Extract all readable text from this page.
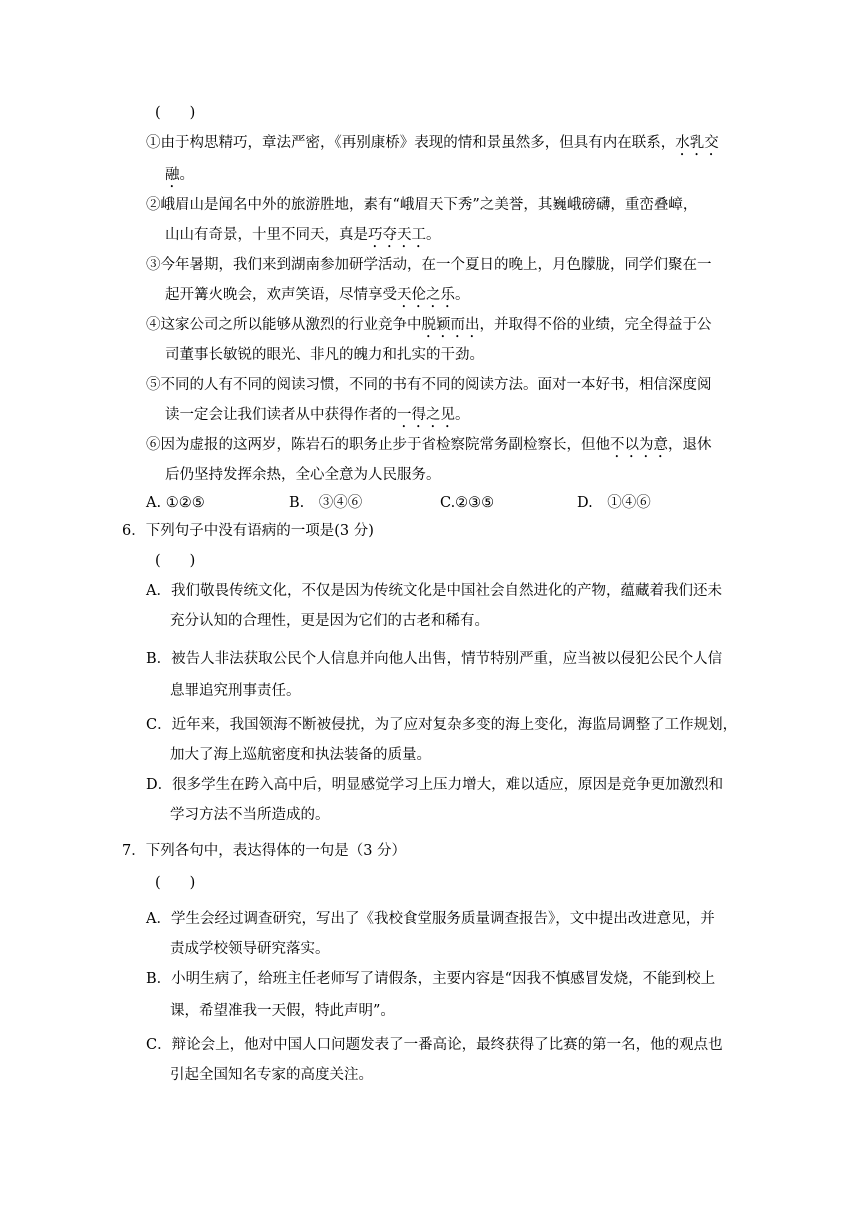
(　　)
①由于构思精巧，章法严密，《再别康桥》表现的情和景虽然多，但具有内在联系，水乳交
融。
②峨眉山是闻名中外的旅游胜地，素有“峨眉天下秀”之美誉，其巍峨磅礴，重峦叠嶂，
山山有奇景，十里不同天，真是巧夺天工。
③今年暑期，我们来到湖南参加研学活动，在一个夏日的晚上，月色朦胧，同学们聚在一
起开篝火晚会，欢声笑语，尽情享受天伦之乐。
④这家公司之所以能够从激烈的行业竞争中脱颖而出，并取得不俗的业绩，完全得益于公
司董事长敏锐的眼光、非凡的魄力和扎实的干劲。
⑤不同的人有不同的阅读习惯，不同的书有不同的阅读方法。面对一本好书，相信深度阅
读一定会让我们读者从中获得作者的一得之见。
⑥因为虚报的这两岁，陈岩石的职务止步于省检察院常务副检察长，但他不以为意，退休
后仍坚持发挥余热，全心全意为人民服务。
A. ①②⑤	B.　③④⑥	C.②③⑤	D.　①④⑥
6．下列句子中没有语病的一项是(3 分)
(　　)
A．我们敬畏传统文化，不仅是因为传统文化是中国社会自然进化的产物，蕴藏着我们还未
充分认知的合理性，更是因为它们的古老和稀有。
B．被告人非法获取公民个人信息并向他人出售，情节特别严重，应当被以侵犯公民个人信
息罪追究刑事责任。
C．近年来，我国领海不断被侵扰，为了应对复杂多变的海上变化，海监局调整了工作规划，
加大了海上巡航密度和执法装备的质量。
D．很多学生在跨入高中后，明显感觉学习上压力增大，难以适应，原因是竞争更加激烈和
学习方法不当所造成的。
7．下列各句中，表达得体的一句是（3 分）
(　　)
A．学生会经过调查研究，写出了《我校食堂服务质量调查报告》，文中提出改进意见，并
责成学校领导研究落实。
B．小明生病了，给班主任老师写了请假条，主要内容是“因我不慎感冒发烧，不能到校上
课，希望准我一天假，特此声明”。
C．辩论会上，他对中国人口问题发表了一番高论，最终获得了比赛的第一名，他的观点也
引起全国知名专家的高度关注。
